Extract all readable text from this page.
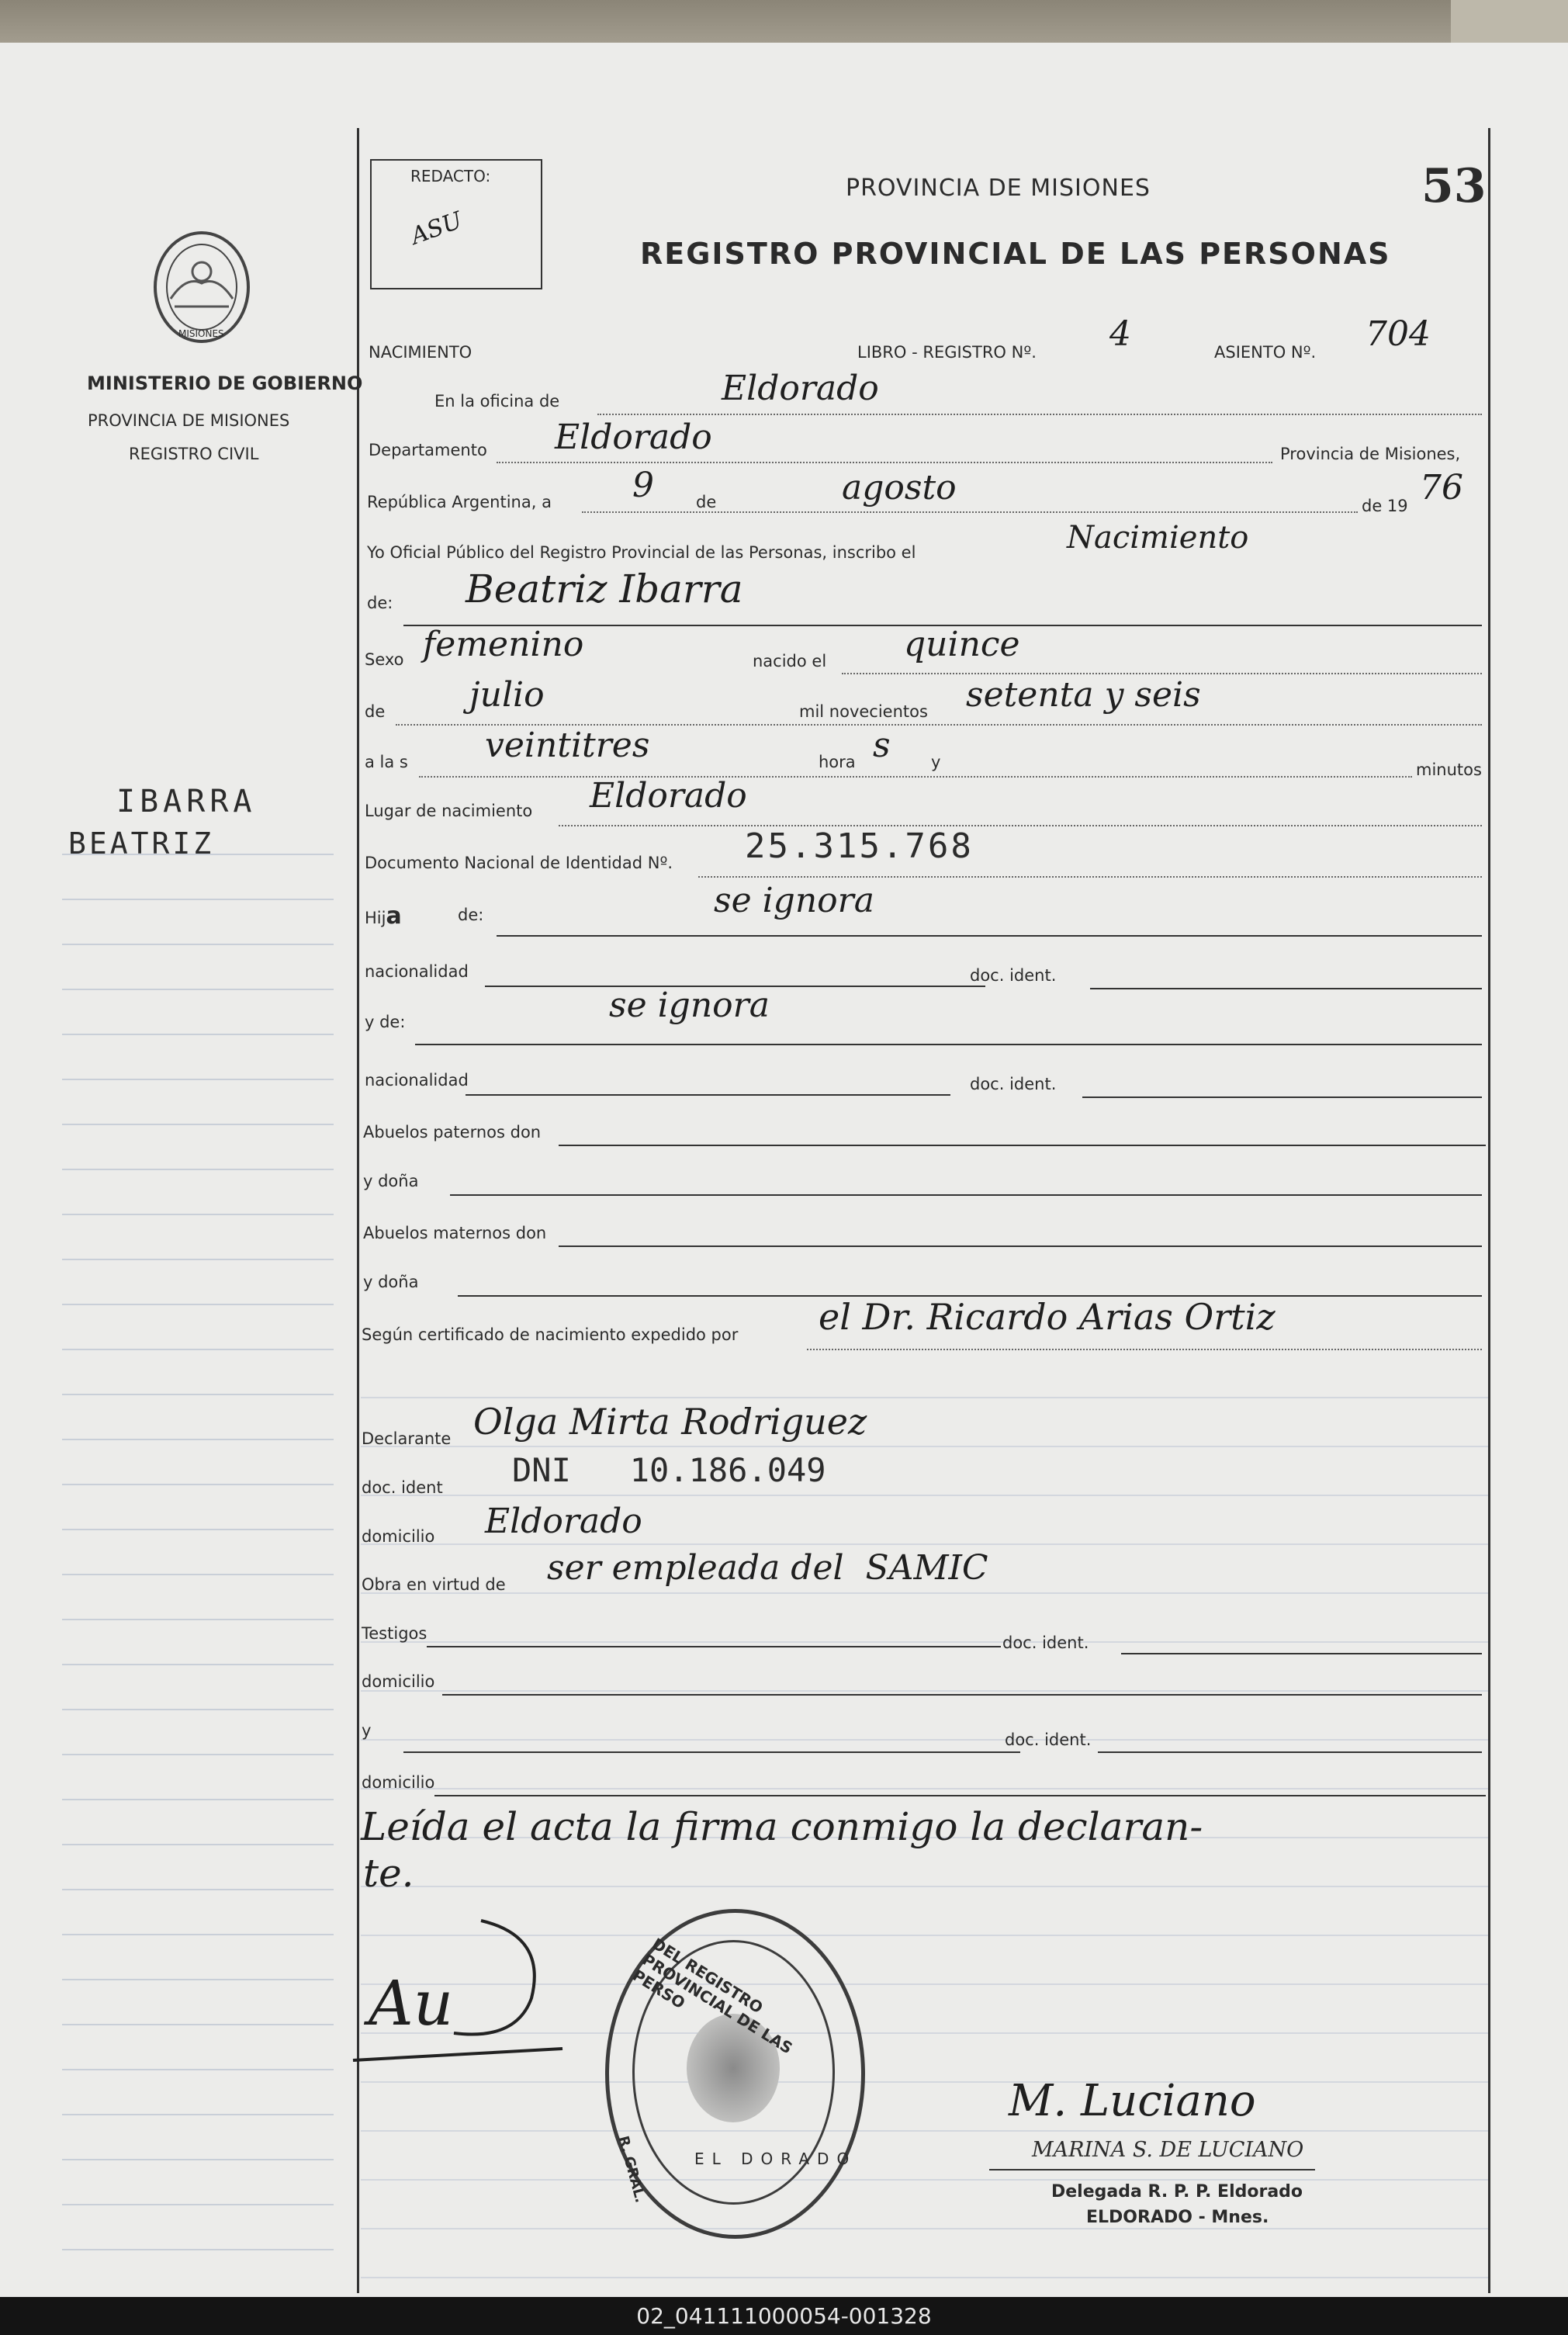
53
REDACTO:
ASU
PROVINCIA DE MISIONES
REGISTRO PROVINCIAL DE LAS PERSONAS
MISIONES
MINISTERIO DE GOBIERNO
PROVINCIA DE MISIONES
REGISTRO CIVIL
IBARRA
BEATRIZ
NACIMIENTO	LIBRO - REGISTRO Nº. 4	ASIENTO Nº. 704
En la oficina de	Eldorado
Departamento Eldorado	Provincia de Misiones,
República Argentina, a 9	de	agosto	de 19 76
Yo Oficial Público del Registro Provincial de las Personas, inscribo el	Nacimiento
de: Beatriz Ibarra
Sexo femenino	nacido el quince
de julio	mil novecientos setenta y seis
a la s veintitres	hora s y	minutos
Lugar de nacimiento Eldorado
Documento Nacional de Identidad Nº. 25.315.768
Hija	de:	se ignora
nacionalidad	doc. ident.
y de:	se ignora
nacionalidad	doc. ident.
Abuelos paternos don
y doña
Abuelos maternos don
y doña
Según certificado de nacimiento expedido por el Dr. Ricardo Arias Ortiz
Declarante Olga Mirta Rodriguez
doc. ident DNI   10.186.049
domicilio Eldorado
Obra en virtud de ser empleada del  SAMIC
Testigos	doc. ident.
domicilio
y	doc. ident.
domicilio
Leída el acta la firma conmigo la declaran-
te.
Au	DEL REGISTRO PROVINCIAL DE LAS PERSO
R. GRAL.	EL DORADO
M. Luciano
MARINA S. DE LUCIANO
Delegada R. P. P. Eldorado
ELDORADO - Mnes.
02_041111000054-001328
